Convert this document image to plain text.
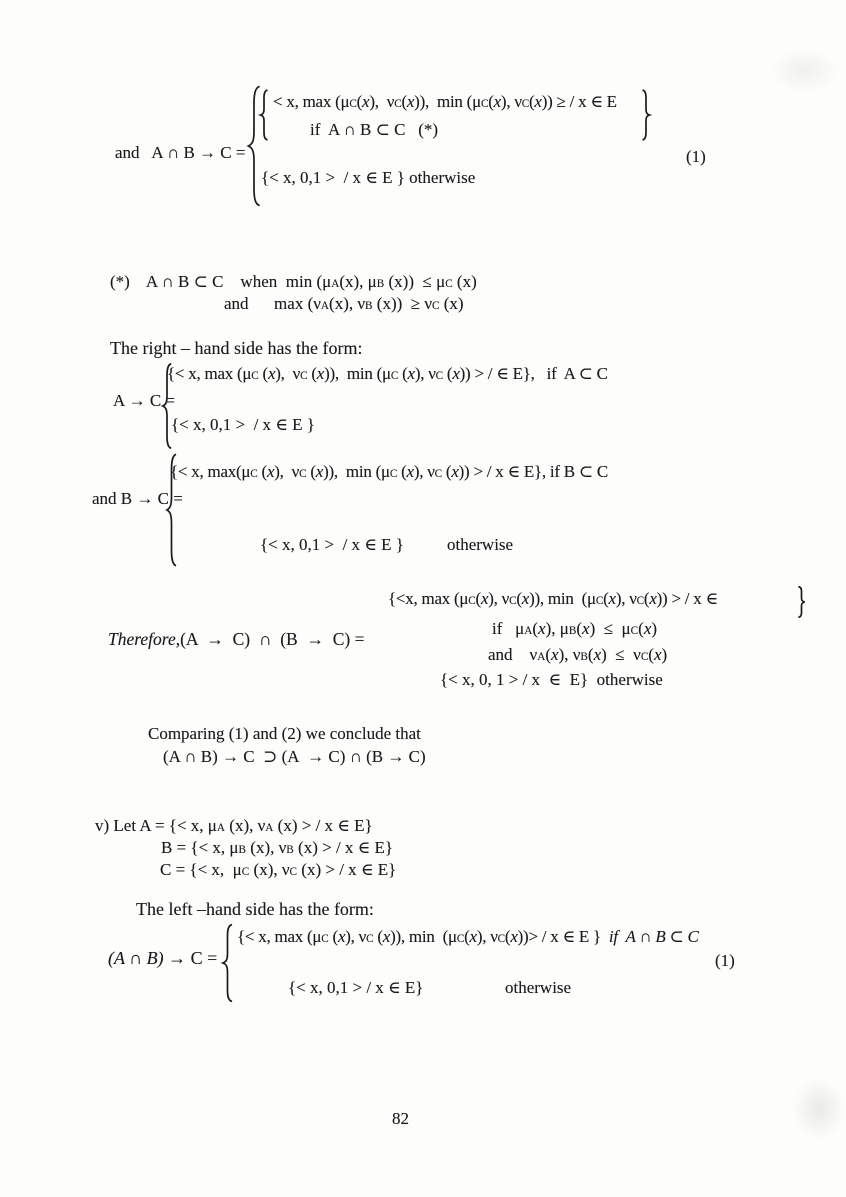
and   A ∩ B → C =
< x, $\max (\mu_C(x)$,  $\nu_C(x)$),  $\min (\mu_C(x)$, $\nu_C(x)$) ≥ / x ∈ E
if  A ∩ B ⊂ C   (*)
{< x, 0,1 >  / x ∈ E } otherwise
(1)
(*)    A ∩ B ⊂ C    when  $\min (\mu_A(x)$, $\mu_B$ $(x)) \le \mu_C$ (x)
and      $\max (\nu_A(x)$, $\nu_B$ $(x)) \ge \nu_C$ (x)
The right – hand side has the form:
{< x, $\max (\mu_C$ (x),  $\nu_C$ (x)),  $\min (\mu_C$ (x), $\nu_C$ (x)) > / ∈ E},   if  A ⊂ C
A → C =
{< x, 0,1 >  / x ∈ E }
and B → C =
{< x, $\max(\mu_C$ (x),  $\nu_C$ (x)),  $\min (\mu_C$ (x), $\nu_C$ (x)) > / x ∈ E}, if B ⊂ C
{< x, 0,1 >  / x ∈ E }	otherwise
{<x, $\max (\mu_C(x)$, $\nu_C(x)$), $\min (\mu_C(x)$, $\nu_C(x)$) > / x ∈
Therefore,(A  →  C)  ∩  (B  →  C) =
if   $\mu_A(x)$, $\mu_B(x) \le \mu_C(x)$
and    $\nu_A(x)$, $\nu_B(x) \le \nu_C(x)$
{< x, 0, 1 > / x  ∈  E}  otherwise
Comparing (1) and (2) we conclude that
(A ∩ B) → C  ⊃ (A  → C) ∩ (B → C)
v) Let A = {< x, $\mu_A$ (x), $\nu_A$ (x) > / x ∈ E}
B = {< x, $\mu_B$ (x), $\nu_B$ (x) > / x ∈ E}
C = {< x,  $\mu_C$ (x), $\nu_C$ (x) > / x ∈ E}
The left –hand side has the form:
{< x, $\max (\mu_C$ (x), $\nu_C$ (x)), $\min (\mu_C(x)$, $\nu_C(x))> / x$ ∈ E }  if  A ∩ B ⊂ C
(A ∩ B) → C =	(1)
{< x, 0,1 > / x ∈ E}	otherwise
82
